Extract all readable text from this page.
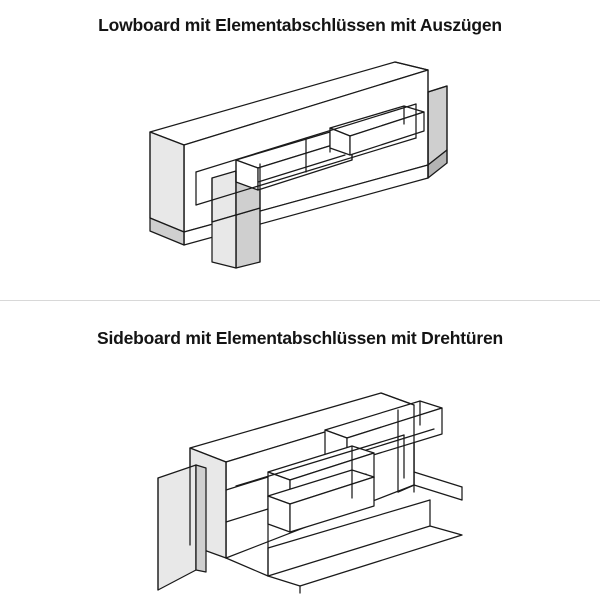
Lowboard mit Elementabschlüssen mit Auszügen
Sideboard mit Elementabschlüssen mit Drehtüren
